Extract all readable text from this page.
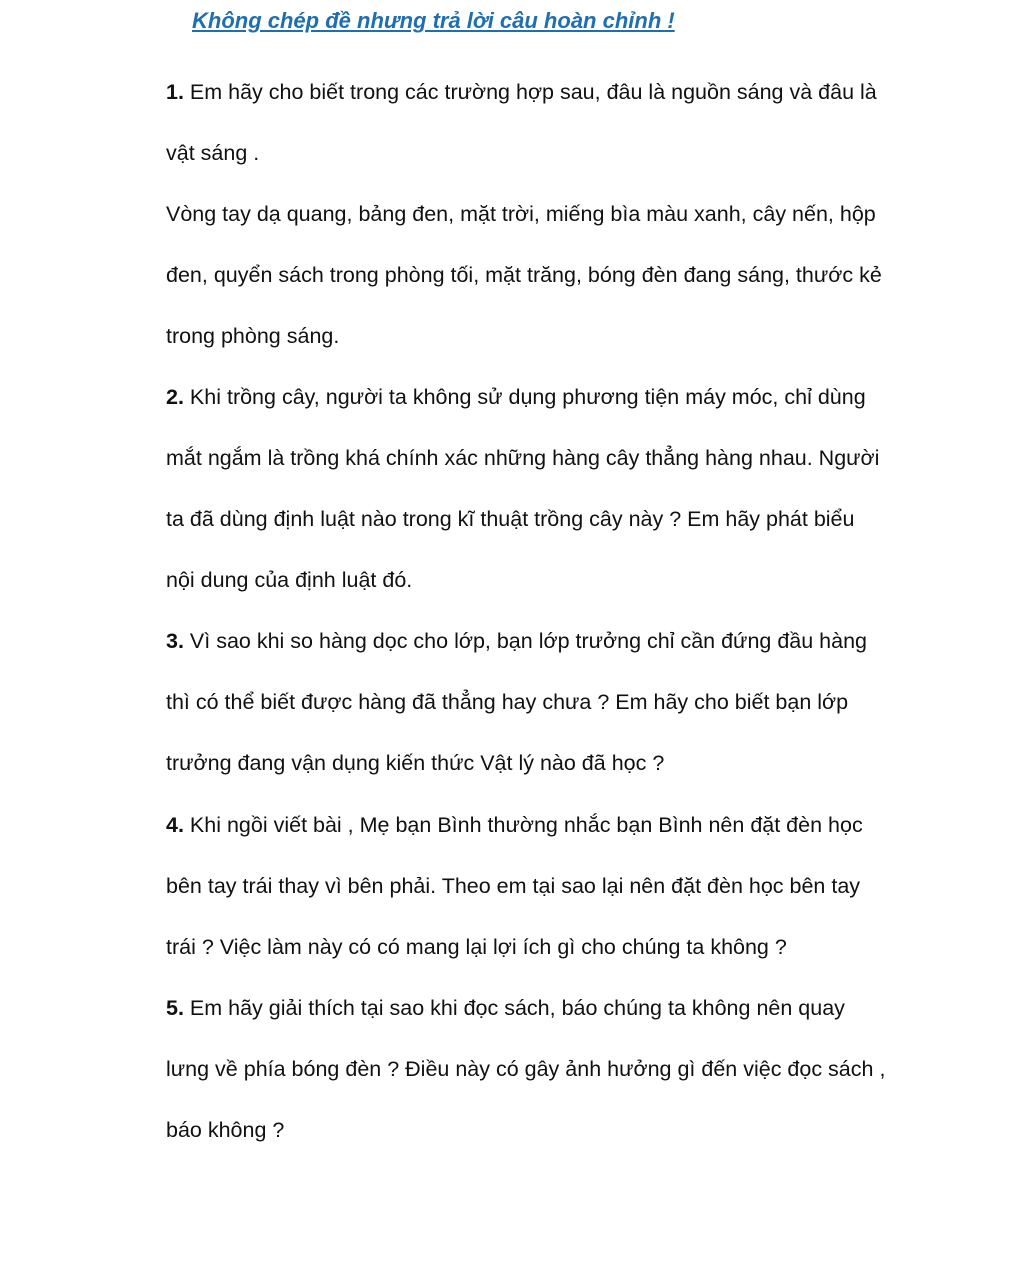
Không chép đề nhưng trả lời câu hoàn chỉnh !

1. Em hãy cho biết trong các trường hợp sau, đâu là nguồn sáng và đâu là

vật sáng .

Vòng tay dạ quang, bảng đen, mặt trời, miếng bìa màu xanh, cây nến, hộp

đen, quyển sách trong phòng tối, mặt trăng, bóng đèn đang sáng, thước kẻ

trong phòng sáng.

2. Khi trồng cây, người ta không sử dụng phương tiện máy móc, chỉ dùng

mắt ngắm là trồng khá chính xác những hàng cây thẳng hàng nhau. Người

ta đã dùng định luật nào trong kĩ thuật trồng cây này ? Em hãy phát biểu

nội dung của định luật đó.

3. Vì sao khi so hàng dọc cho lớp, bạn lớp trưởng chỉ cần đứng đầu hàng

thì có thể biết được hàng đã thẳng hay chưa ? Em hãy cho biết bạn lớp

trưởng đang vận dụng kiến thức Vật lý nào đã học ?

4. Khi ngồi viết bài , Mẹ bạn Bình thường nhắc bạn Bình nên đặt đèn học

bên tay trái thay vì bên phải. Theo em tại sao lại nên đặt đèn học bên tay

trái ? Việc làm này có có mang lại lợi ích gì cho chúng ta không ?

5. Em hãy giải thích tại sao khi đọc sách, báo chúng ta không nên quay

lưng về phía bóng đèn ? Điều này có gây ảnh hưởng gì đến việc đọc sách ,

báo không ?
